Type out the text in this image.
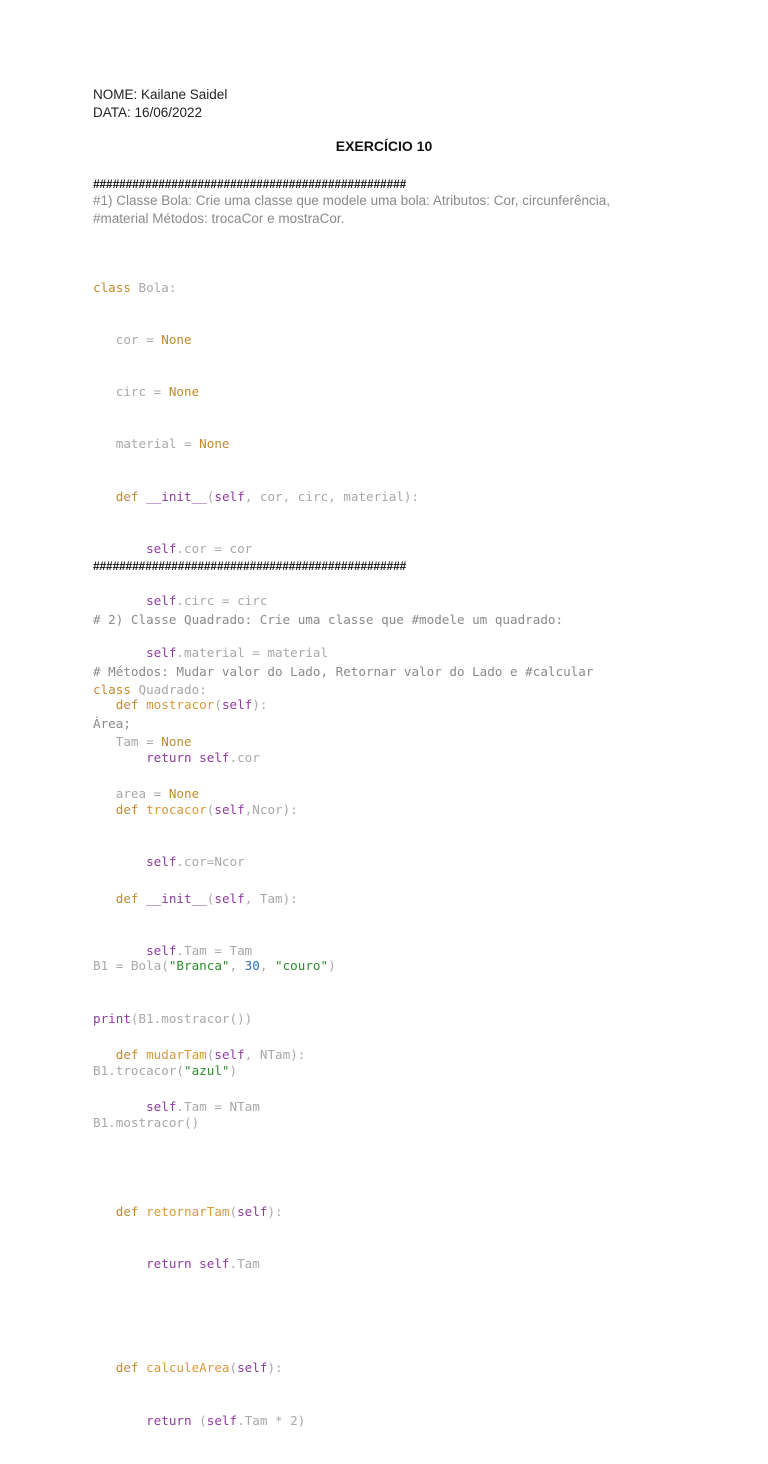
NOME: Kailane Saidel
DATA: 16/06/2022
EXERCÍCIO 10
################################################
#1) Classe Bola: Crie uma classe que modele uma bola: Atributos: Cor, circunferência,
#material Métodos: trocaCor e mostraCor.

class Bola:

cor = None

circ = None

material = None

def __init__(self, cor, circ, material):

self.cor = cor

self.circ = circ

self.material = material

def mostracor(self):

return self.cor

def trocacor(self,Ncor):

self.cor=Ncor

B1 = Bola("Branca", 30, "couro")

print(B1.mostracor())

B1.trocacor("azul")

B1.mostracor()

################################################

# 2) Classe Quadrado: Crie uma classe que #modele um quadrado:

# Métodos: Mudar valor do Lado, Retornar valor do Lado e #calcular

Área;

class Quadrado:

Tam = None

area = None

def __init__(self, Tam):

self.Tam = Tam

def mudarTam(self, NTam):

self.Tam = NTam

def retornarTam(self):

return self.Tam

def calculeArea(self):

return (self.Tam * 2)
